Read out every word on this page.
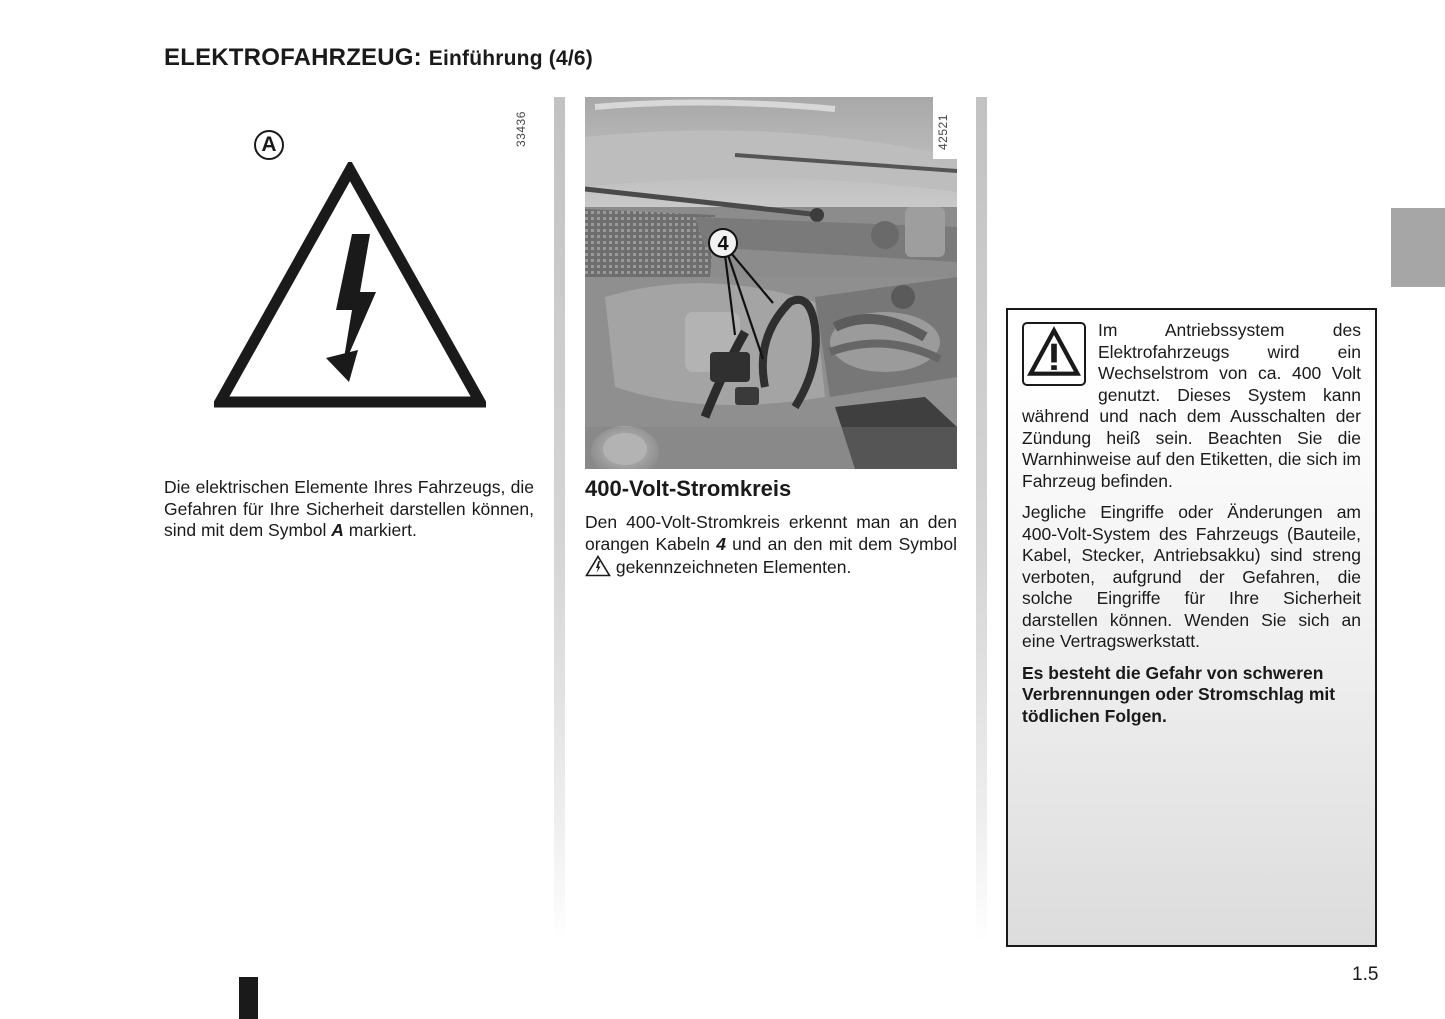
ELEKTROFAHRZEUG: Einführung (4/6)
33436
A

Die elektrischen Elemente Ihres Fahrzeugs, die Gefahren für Ihre Sicherheit darstellen können, sind mit dem Symbol A markiert.

4
42521
400-Volt-Stromkreis

Den 400-Volt-Stromkreis erkennt man an den orangen Kabeln 4 und an den mit dem Symbol  gekennzeichneten Elementen.

Im Antriebssystem des Elektrofahrzeugs wird ein Wechselstrom von ca. 400 Volt genutzt. Dieses System kann während und nach dem Ausschalten der Zündung heiß sein. Beachten Sie die Warnhinweise auf den Etiketten, die sich im Fahrzeug befinden.

Jegliche Eingriffe oder Änderungen am 400-Volt-System des Fahrzeugs (Bauteile, Kabel, Stecker, Antriebsakku) sind streng verboten, aufgrund der Gefahren, die solche Eingriffe für Ihre Sicherheit darstellen können. Wenden Sie sich an eine Vertragswerkstatt.

Es besteht die Gefahr von schweren Verbrennungen oder Stromschlag mit tödlichen Folgen.

1.5
